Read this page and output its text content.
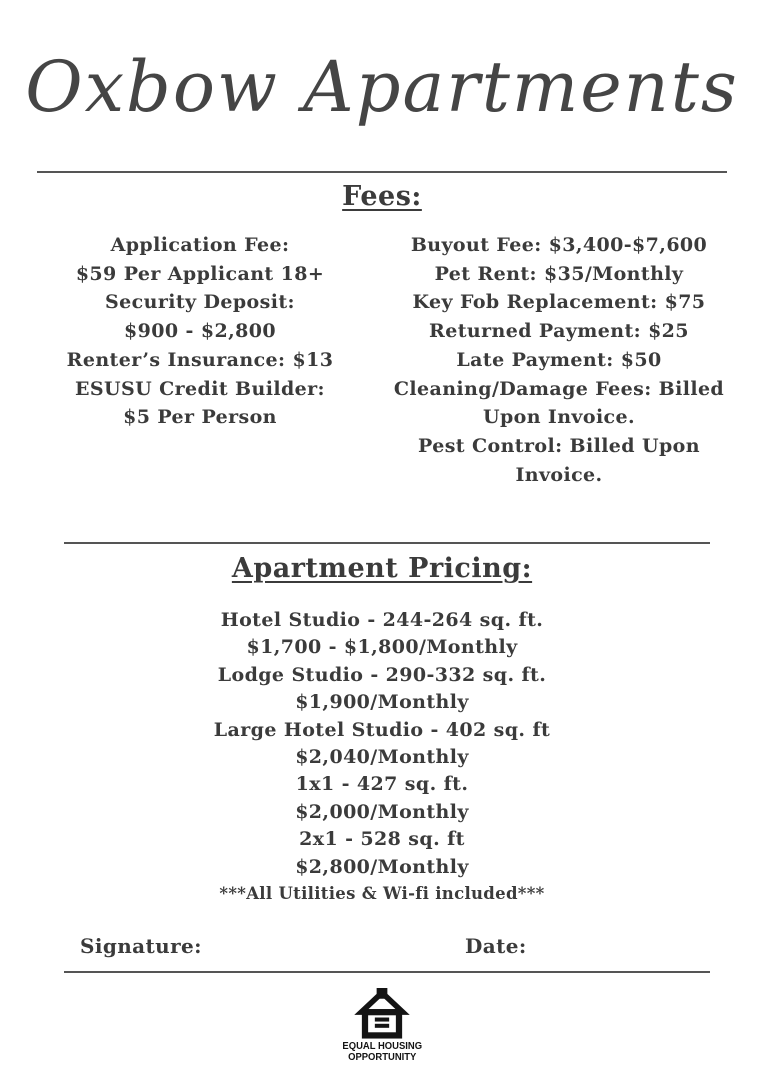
Oxbow Apartments
Fees:
Application Fee:
$59 Per Applicant 18+
Security Deposit:
$900 - $2,800
Renter’s Insurance: $13
ESUSU Credit Builder:
$5 Per Person
Buyout Fee: $3,400-$7,600
Pet Rent: $35/Monthly
Key Fob Replacement: $75
Returned Payment: $25
Late Payment: $50
Cleaning/Damage Fees: Billed Upon Invoice.
Pest Control: Billed Upon Invoice.
Apartment Pricing:
Hotel Studio - 244-264 sq. ft.
$1,700 - $1,800/Monthly
Lodge Studio - 290-332 sq. ft.
$1,900/Monthly
Large Hotel Studio - 402 sq. ft
$2,040/Monthly
1x1 - 427 sq. ft.
$2,000/Monthly
2x1 - 528 sq. ft
$2,800/Monthly
***All Utilities & Wi-fi included***
Signature:	Date:
EQUAL HOUSING
OPPORTUNITY
